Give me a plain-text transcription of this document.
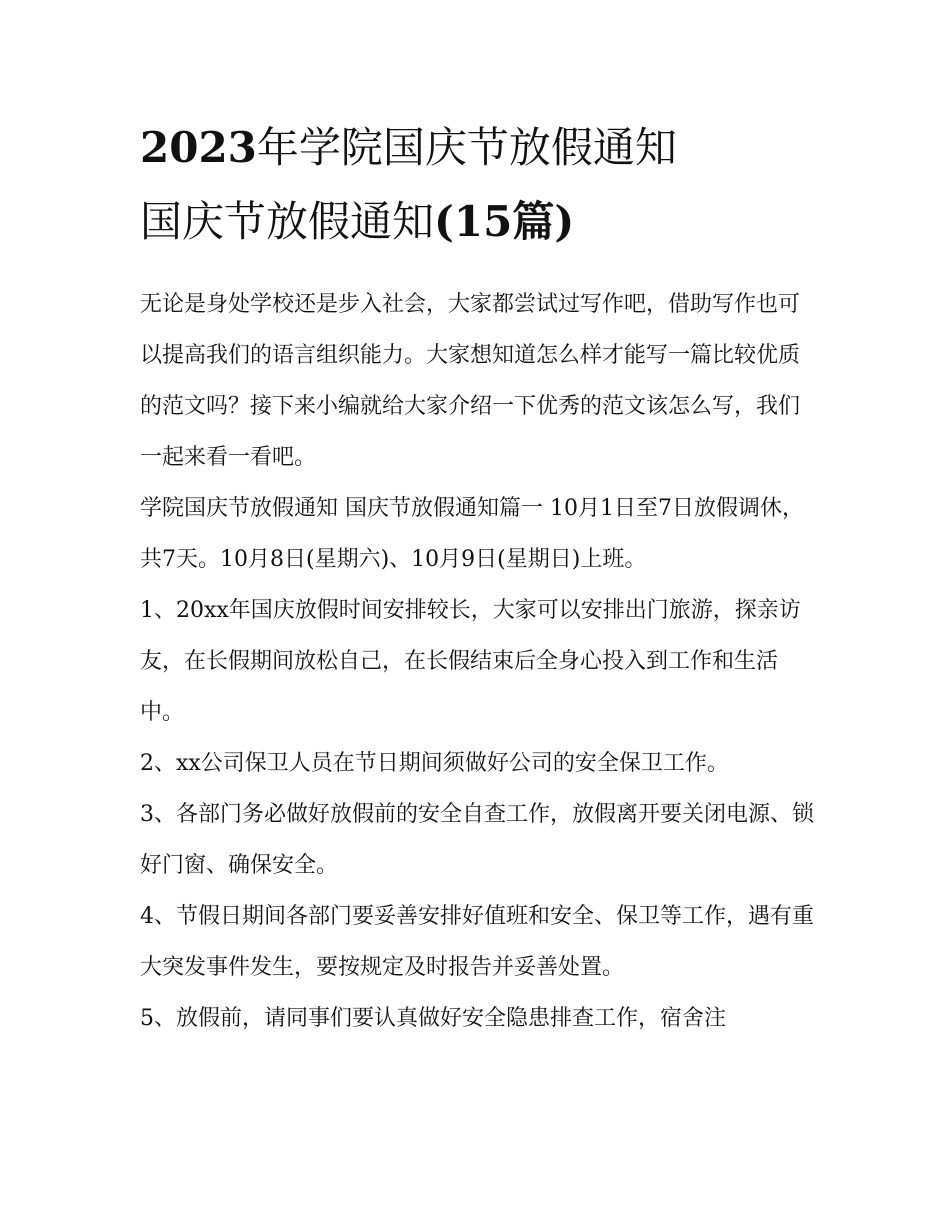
2023年学院国庆节放假通知
国庆节放假通知(15篇)

无论是身处学校还是步入社会，大家都尝试过写作吧，借助写作也可以提高我们的语言组织能力。大家想知道怎么样才能写一篇比较优质的范文吗？接下来小编就给大家介绍一下优秀的范文该怎么写，我们一起来看一看吧。

学院国庆节放假通知 国庆节放假通知篇一 10月1日至7日放假调休，共7天。10月8日(星期六)、10月9日(星期日)上班。

1、20xx年国庆放假时间安排较长，大家可以安排出门旅游，探亲访友，在长假期间放松自己，在长假结束后全身心投入到工作和生活中。

2、xx公司保卫人员在节日期间须做好公司的安全保卫工作。

3、各部门务必做好放假前的安全自查工作，放假离开要关闭电源、锁好门窗、确保安全。

4、节假日期间各部门要妥善安排好值班和安全、保卫等工作，遇有重大突发事件发生，要按规定及时报告并妥善处置。

5、放假前，请同事们要认真做好安全隐患排查工作，宿舍注
